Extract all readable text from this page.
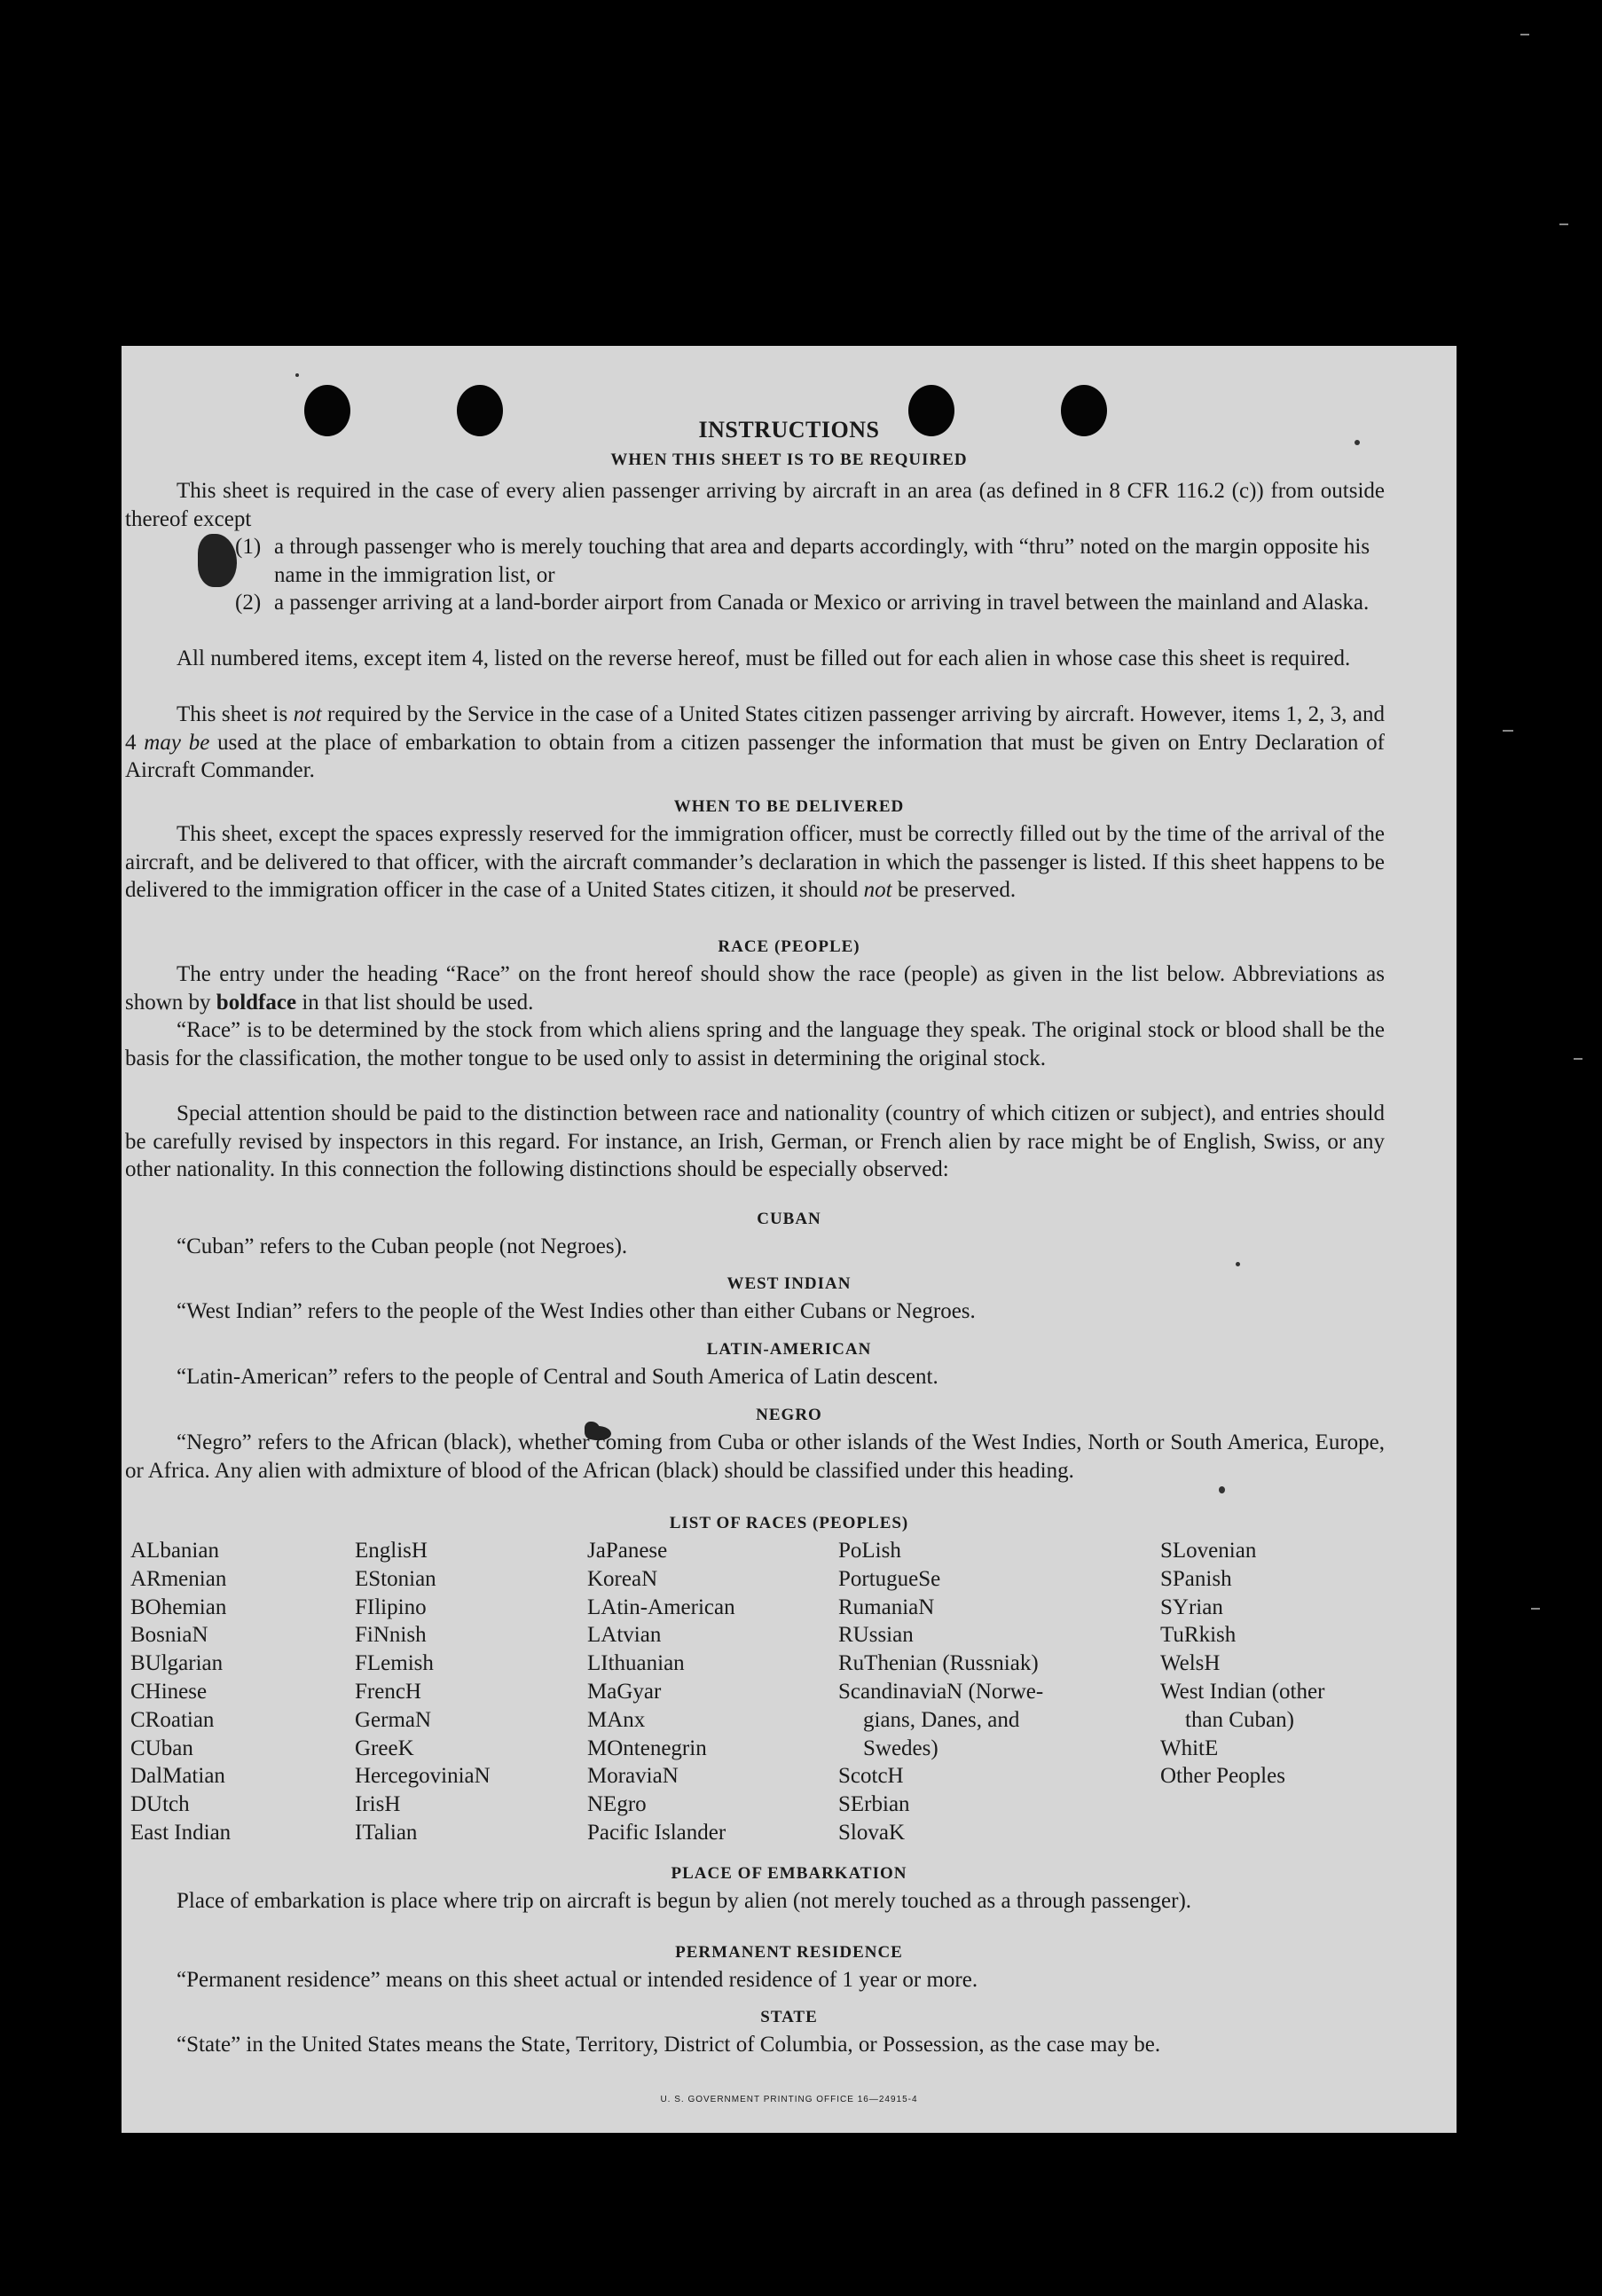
INSTRUCTIONS
WHEN THIS SHEET IS TO BE REQUIRED
This sheet is required in the case of every alien passenger arriving by aircraft in an area (as defined in 8 CFR 116.2 (c)) from outside thereof except
(1) a through passenger who is merely touching that area and departs accordingly, with “thru” noted on the margin opposite his name in the immigration list, or
(2) a passenger arriving at a land-border airport from Canada or Mexico or arriving in travel between the mainland and Alaska.
All numbered items, except item 4, listed on the reverse hereof, must be filled out for each alien in whose case this sheet is required.
This sheet is not required by the Service in the case of a United States citizen passenger arriving by aircraft. However, items 1, 2, 3, and 4 may be used at the place of embarkation to obtain from a citizen passenger the information that must be given on Entry Declaration of Aircraft Commander.
WHEN TO BE DELIVERED
This sheet, except the spaces expressly reserved for the immigration officer, must be correctly filled out by the time of the arrival of the aircraft, and be delivered to that officer, with the aircraft commander’s declaration in which the passenger is listed. If this sheet happens to be delivered to the immigration officer in the case of a United States citizen, it should not be preserved.
RACE (PEOPLE)
The entry under the heading “Race” on the front hereof should show the race (people) as given in the list below. Abbreviations as shown by boldface in that list should be used.
“Race” is to be determined by the stock from which aliens spring and the language they speak. The original stock or blood shall be the basis for the classification, the mother tongue to be used only to assist in determining the original stock.
Special attention should be paid to the distinction between race and nationality (country of which citizen or subject), and entries should be carefully revised by inspectors in this regard. For instance, an Irish, German, or French alien by race might be of English, Swiss, or any other nationality. In this connection the following distinctions should be especially observed:
CUBAN
“Cuban” refers to the Cuban people (not Negroes).
WEST INDIAN
“West Indian” refers to the people of the West Indies other than either Cubans or Negroes.
LATIN-AMERICAN
“Latin-American” refers to the people of Central and South America of Latin descent.
NEGRO
“Negro” refers to the African (black), whether coming from Cuba or other islands of the West Indies, North or South America, Europe, or Africa. Any alien with admixture of blood of the African (black) should be classified under this heading.
LIST OF RACES (PEOPLES)
ALbanian
ARmenian
BOhemian
BosniaN
BUlgarian
CHinese
CRoatian
CUban
DalMatian
DUtch
East Indian
EnglisH
EStonian
FIlipino
FiNnish
FLemish
FrencH
GermaN
GreeK
HercegoviniaN
IrisH
ITalian
JaPanese
KoreaN
LAtin-American
LAtvian
LIthuanian
MaGyar
MAnx
MOntenegrin
MoraviaN
NEgro
Pacific Islander
PoLish
PortugueSe
RumaniaN
RUssian
RuThenian (Russniak)
ScandinaviaN (Norwe-
gians, Danes, and
Swedes)
ScotcH
SErbian
SlovaK
SLovenian
SPanish
SYrian
TuRkish
WelsH
West Indian (other
than Cuban)
WhitE
Other Peoples
PLACE OF EMBARKATION
Place of embarkation is place where trip on aircraft is begun by alien (not merely touched as a through passenger).
PERMANENT RESIDENCE
“Permanent residence” means on this sheet actual or intended residence of 1 year or more.
STATE
“State” in the United States means the State, Territory, District of Columbia, or Possession, as the case may be.
U. S. GOVERNMENT PRINTING OFFICE 16—24915-4
